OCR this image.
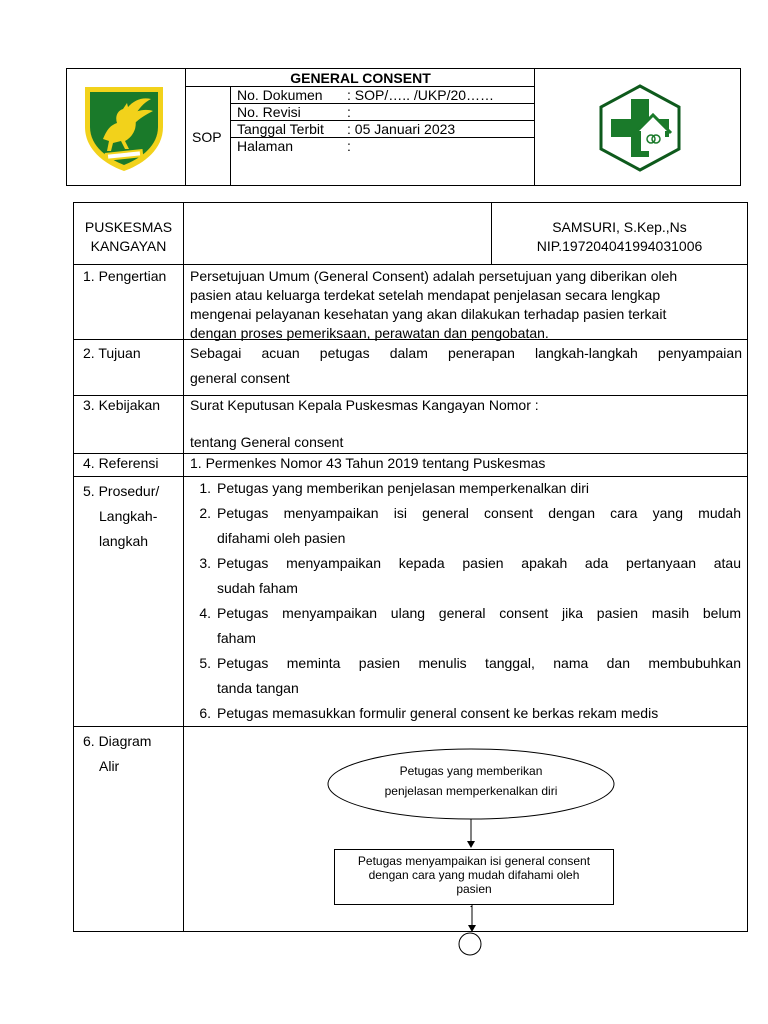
GENERAL CONSENT
SOP
No. Dokumen : SOP/….. /UKP/20……
No. Revisi	:
Tanggal Terbit : 05 Januari 2023
Halaman	:
PUSKESMAS
KANGAYAN
SAMSURI, S.Kep.,Ns
NIP.197204041994031006
1. Pengertian Persetujuan Umum (General Consent) adalah persetujuan yang diberikan oleh
pasien atau keluarga terdekat setelah mendapat penjelasan secara lengkap
mengenai pelayanan kesehatan yang akan dilakukan terhadap pasien terkait
dengan proses pemeriksaan, perawatan dan pengobatan.
2. Tujuan	Sebagai acuan petugas dalam penerapan langkah-langkah penyampaian
general consent
3. Kebijakan Surat Keputusan Kepala Puskesmas Kangayan Nomor :
tentang General consent
4. Referensi 1. Permenkes Nomor 43 Tahun 2019 tentang Puskesmas
5. Prosedur/
Langkah-
langkah
1. Petugas yang memberikan penjelasan memperkenalkan diri
2. Petugas menyampaikan isi general consent dengan cara yang mudah
difahami oleh pasien
3. Petugas menyampaikan kepada pasien apakah ada pertanyaan atau
sudah faham
4. Petugas menyampaikan ulang general consent jika pasien masih belum
faham
5. Petugas meminta pasien menulis tanggal, nama dan membubuhkan
tanda tangan
6. Petugas memasukkan formulir general consent ke berkas rekam medis
6. Diagram
Alir	Petugas yang memberikan
penjelasan memperkenalkan diri
Petugas menyampaikan isi general consent
dengan cara yang mudah difahami oleh
pasien
